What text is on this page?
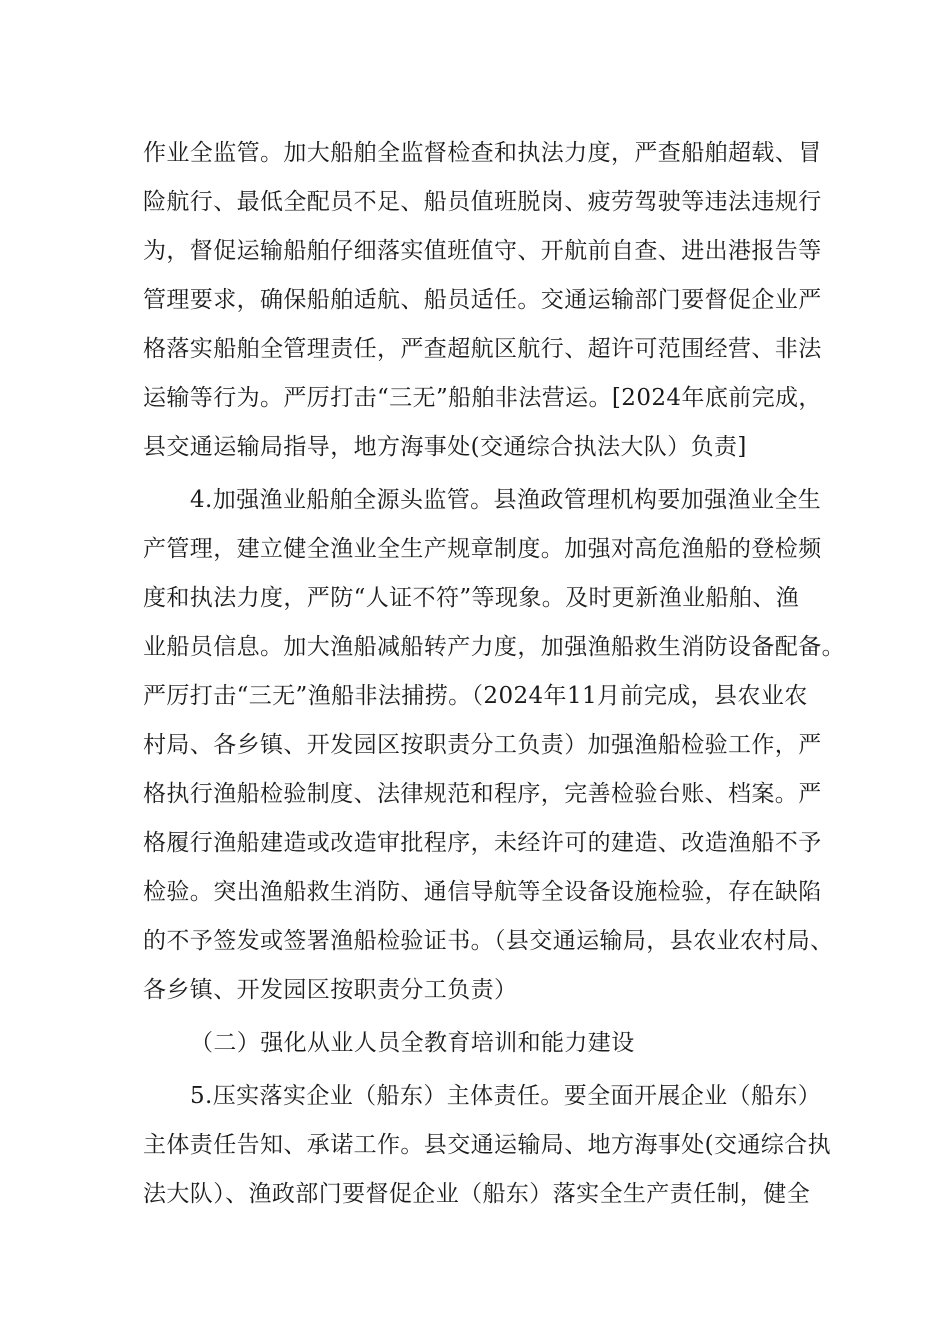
作业全监管。加大船舶全监督检查和执法力度，严查船舶超载、冒
险航行、最低全配员不足、船员值班脱岗、疲劳驾驶等违法违规行
为，督促运输船舶仔细落实值班值守、开航前自查、进出港报告等
管理要求，确保船舶适航、船员适任。交通运输部门要督促企业严
格落实船舶全管理责任，严查超航区航行、超许可范围经营、非法
运输等行为。严厉打击“三无”船舶非法营运。[2024年底前完成，
县交通运输局指导，地方海事处(交通综合执法大队）负责]
4.加强渔业船舶全源头监管。县渔政管理机构要加强渔业全生
产管理，建立健全渔业全生产规章制度。加强对高危渔船的登检频
度和执法力度，严防“人证不符”等现象。及时更新渔业船舶、渔
业船员信息。加大渔船减船转产力度，加强渔船救生消防设备配备。
严厉打击“三无”渔船非法捕捞。（2024年11月前完成，县农业农
村局、各乡镇、开发园区按职责分工负责）加强渔船检验工作，严
格执行渔船检验制度、法律规范和程序，完善检验台账、档案。严
格履行渔船建造或改造审批程序，未经许可的建造、改造渔船不予
检验。突出渔船救生消防、通信导航等全设备设施检验，存在缺陷
的不予签发或签署渔船检验证书。（县交通运输局，县农业农村局、
各乡镇、开发园区按职责分工负责）
（二）强化从业人员全教育培训和能力建设
5.压实落实企业（船东）主体责任。要全面开展企业（船东）
主体责任告知、承诺工作。县交通运输局、地方海事处(交通综合执
法大队）、渔政部门要督促企业（船东）落实全生产责任制，健全
